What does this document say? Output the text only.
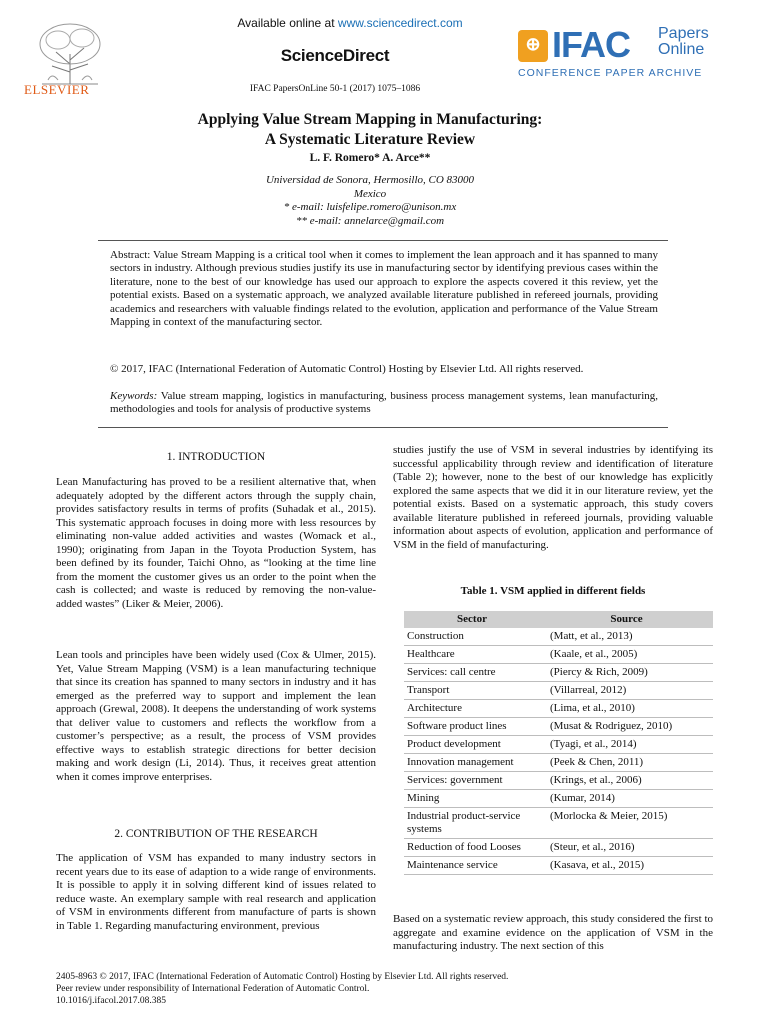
ELSEVIER
Available online at www.sciencedirect.com
ScienceDirect
IFAC PapersOnLine 50-1 (2017) 1075–1086
⊕ IFAC Papers
Online
CONFERENCE PAPER ARCHIVE
Applying Value Stream Mapping in Manufacturing:
A Systematic Literature Review
L. F. Romero* A. Arce**
Universidad de Sonora, Hermosillo, CO 83000
Mexico
* e-mail: luisfelipe.romero@unison.mx
** e-mail: annelarce@gmail.com
Abstract: Value Stream Mapping is a critical tool when it comes to implement the lean approach and it has spanned to many sectors in industry. Although previous studies justify its use in manufacturing sector by identifying previous cases within the literature, none to the best of our knowledge has used our approach to explore the aspects covered it this review, yet the potential exists. Based on a systematic approach, we analyzed available literature published in refereed journals, providing academics and researchers with valuable findings related to the evolution, application and performance of the Value Stream Mapping in context of the manufacturing sector.
© 2017, IFAC (International Federation of Automatic Control) Hosting by Elsevier Ltd. All rights reserved.
Keywords: Value stream mapping, logistics in manufacturing, business process management systems, lean manufacturing, methodologies and tools for analysis of productive systems
1. INTRODUCTION
Lean Manufacturing has proved to be a resilient alternative that, when adequately adopted by the different actors through the supply chain, provides satisfactory results in terms of profits (Suhadak et al., 2015). This systematic approach focuses in doing more with less resources by eliminating non-value added activities and wastes (Womack et al., 1990); originating from Japan in the Toyota Production System, has been defined by its founder, Taichi Ohno, as “looking at the time line from the moment the customer gives us an order to the point when the cash is collected; and waste is reduced by removing the non-value-added wastes” (Liker & Meier, 2006).
Lean tools and principles have been widely used (Cox & Ulmer, 2015). Yet, Value Stream Mapping (VSM) is a lean manufacturing technique that since its creation has spanned to many sectors in industry and it has emerged as the preferred way to support and implement the lean approach (Grewal, 2008). It deepens the understanding of work systems that deliver value to customers and reflects the workflow from a customer’s perspective; as a result, the process of VSM provides effective ways to establish strategic directions for better decision making and work design (Li, 2014). Thus, it receives great attention when it comes improve enterprises.
2. CONTRIBUTION OF THE RESEARCH
The application of VSM has expanded to many industry sectors in recent years due to its ease of adaption to a wide range of environments. It is possible to apply it in solving different kind of issues related to reduce waste. An exemplary sample with real research and application of VSM in environments different from manufacture of parts is shown in Table 1. Regarding manufacturing environment, previous
studies justify the use of VSM in several industries by identifying its successful applicability through review and identification of literature (Table 2); however, none to the best of our knowledge has explicitly explored the same aspects that we did it in our literature review, yet the potential exists. Based on a systematic approach, this study covers available literature published in refereed journals, providing valuable information about aspects of evolution, application and performance of VSM in the field of manufacturing.
Table 1. VSM applied in different fields
Sector	Source
Construction	(Matt, et al., 2013)
Healthcare	(Kaale, et al., 2005)
Services: call centre	(Piercy & Rich, 2009)
Transport	(Villarreal, 2012)
Architecture	(Lima, et al., 2010)
Software product lines	(Musat & Rodriguez, 2010)
Product development	(Tyagi, et al., 2014)
Innovation management	(Peek & Chen, 2011)
Services: government	(Krings, et al., 2006)
Mining	(Kumar, 2014)
Industrial product-service systems	(Morlocka & Meier, 2015)
Reduction of food Looses	(Steur, et al., 2016)
Maintenance service	(Kasava, et al., 2015)
Based on a systematic review approach, this study considered the first to aggregate and examine evidence on the application of VSM in the manufacturing industry. The next section of this
2405-8963 © 2017, IFAC (International Federation of Automatic Control) Hosting by Elsevier Ltd. All rights reserved.
Peer review under responsibility of International Federation of Automatic Control.
10.1016/j.ifacol.2017.08.385
